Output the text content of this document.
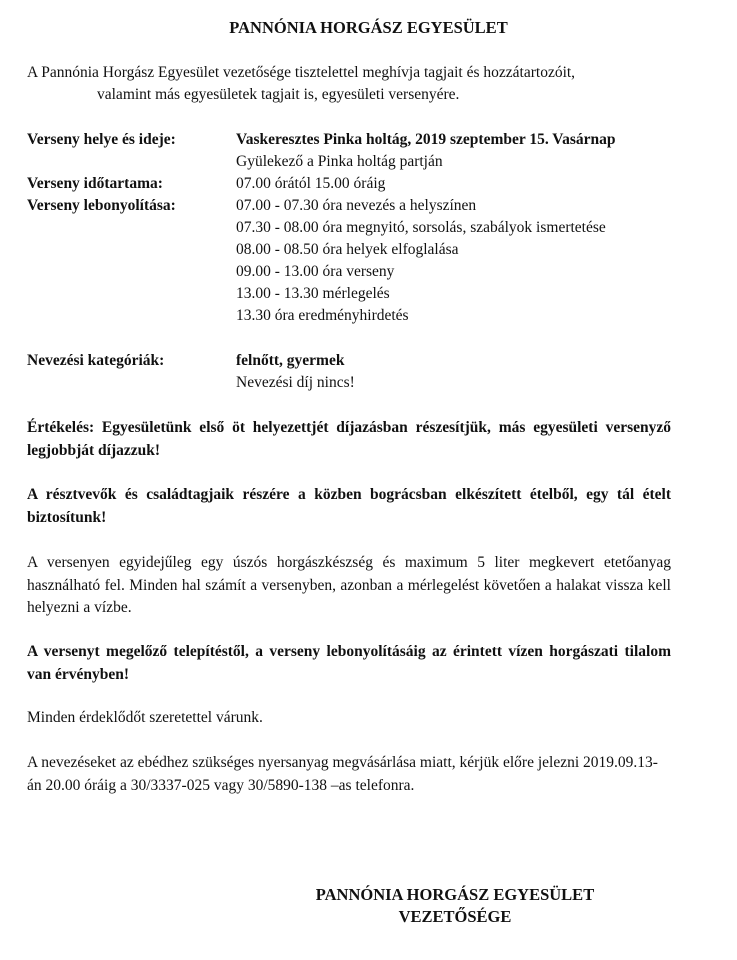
PANNÓNIA HORGÁSZ EGYESÜLET
A Pannónia Horgász Egyesület vezetősége tisztelettel meghívja tagjait és hozzátartozóit,
valamint más egyesületek tagjait is, egyesületi versenyére.
Verseny helye és ideje:	Vaskeresztes Pinka holtág, 2019 szeptember 15. Vasárnap
Gyülekező a Pinka holtág partján
Verseny időtartama:	07.00 órától 15.00 óráig
Verseny lebonyolítása:	07.00 - 07.30 óra nevezés a helyszínen
07.30 - 08.00 óra megnyitó, sorsolás, szabályok ismertetése
08.00 - 08.50 óra helyek elfoglalása
09.00 - 13.00 óra verseny
13.00 - 13.30 mérlegelés
13.30 óra eredményhirdetés
Nevezési kategóriák:	felnőtt, gyermek
Nevezési díj nincs!
Értékelés: Egyesületünk első öt helyezettjét díjazásban részesítjük, más egyesületi versenyző legjobbját díjazzuk!
A résztvevők és családtagjaik részére a közben bográcsban elkészített ételből, egy tál ételt biztosítunk!
A versenyen egyidejűleg egy úszós horgászkészség és maximum 5 liter megkevert etetőanyag használható fel. Minden hal számít a versenyben, azonban a mérlegelést követően a halakat vissza kell helyezni a vízbe.
A versenyt megelőző telepítéstől, a verseny lebonyolításáig az érintett vízen horgászati tilalom van érvényben!
Minden érdeklődőt szeretettel várunk.
A nevezéseket az ebédhez szükséges nyersanyag megvásárlása miatt, kérjük előre jelezni 2019.09.13-án 20.00 óráig a 30/3337-025 vagy 30/5890-138 –as telefonra.
PANNÓNIA HORGÁSZ EGYESÜLET
VEZETŐSÉGE
